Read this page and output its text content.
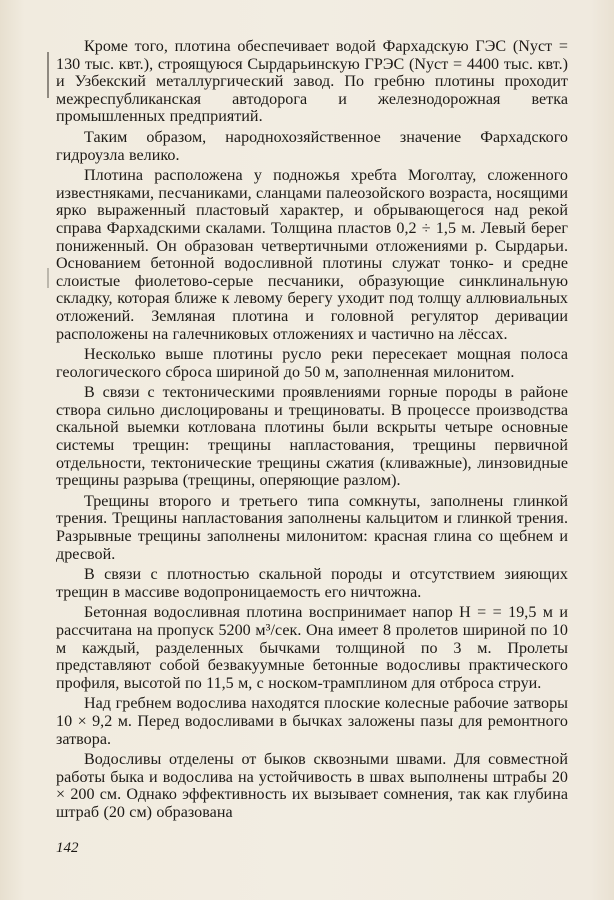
Кроме того, плотина обеспечивает водой Фархадскую ГЭС (Nуст = 130 тыс. квт.), строящуюся Сырдарьинскую ГРЭС (Nуст = 4400 тыс. квт.) и Узбекский металлургический завод. По гребню плотины проходит межреспубликанская автодорога и железнодорожная ветка промышленных предприятий.

Таким образом, народнохозяйственное значение Фархадского гидроузла велико.

Плотина расположена у подножья хребта Моголтау, сложенного известняками, песчаниками, сланцами палеозойского возраста, носящими ярко выраженный пластовый характер, и обрывающегося над рекой справа Фархадскими скалами. Толщина пластов 0,2 ÷ 1,5 м. Левый берег пониженный. Он образован четвертичными отложениями р. Сырдарьи. Основанием бетонной водосливной плотины служат тонко- и средне слоистые фиолетово-серые песчаники, образующие синклинальную складку, которая ближе к левому берегу уходит под толщу аллювиальных отложений. Земляная плотина и головной регулятор деривации расположены на галечниковых отложениях и частично на лёссах.

Несколько выше плотины русло реки пересекает мощная полоса геологического сброса шириной до 50 м, заполненная милонитом.

В связи с тектоническими проявлениями горные породы в районе створа сильно дислоцированы и трещиноваты. В процессе производства скальной выемки котлована плотины были вскрыты четыре основные системы трещин: трещины напластования, трещины первичной отдельности, тектонические трещины сжатия (кливажные), линзовидные трещины разрыва (трещины, оперяющие разлом).

Трещины второго и третьего типа сомкнуты, заполнены глинкой трения. Трещины напластования заполнены кальцитом и глинкой трения. Разрывные трещины заполнены милонитом: красная глина со щебнем и дресвой.

В связи с плотностью скальной породы и отсутствием зияющих трещин в массиве водопроницаемость его ничтожна.

Бетонная водосливная плотина воспринимает напор H = = 19,5 м и рассчитана на пропуск 5200 м³/сек. Она имеет 8 пролетов шириной по 10 м каждый, разделенных бычками толщиной по 3 м. Пролеты представляют собой безвакуумные бетонные водосливы практического профиля, высотой по 11,5 м, с носком-трамплином для отброса струи.

Над гребнем водослива находятся плоские колесные рабочие затворы 10 × 9,2 м. Перед водосливами в бычках заложены пазы для ремонтного затвора.

Водосливы отделены от быков сквозными швами. Для совместной работы быка и водослива на устойчивость в швах выполнены штрабы 20 × 200 см. Однако эффективность их вызывает сомнения, так как глубина штраб (20 см) образована

142
